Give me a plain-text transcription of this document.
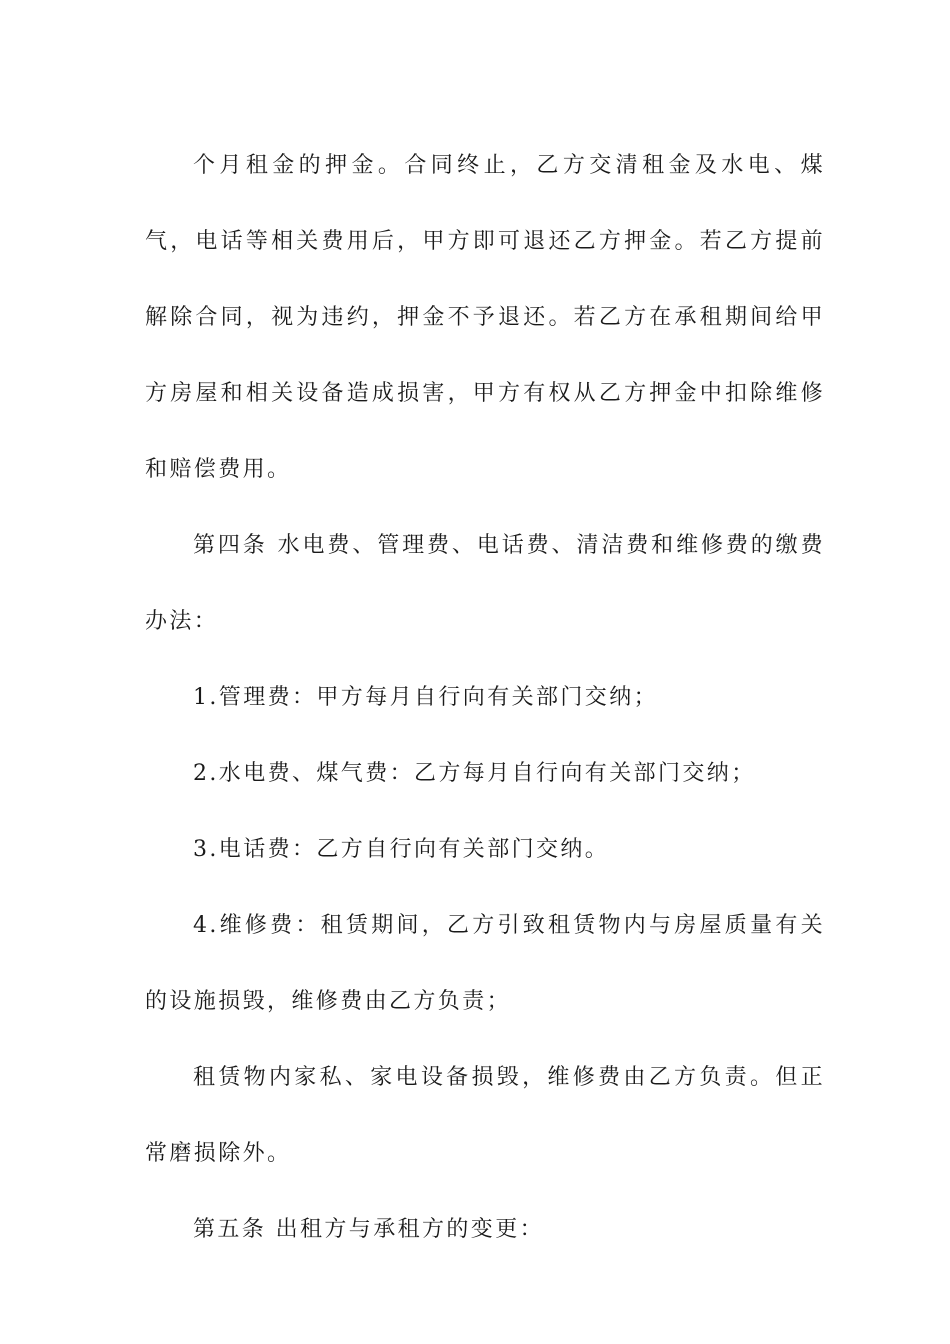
个月租金的押金。合同终止，乙方交清租金及水电、煤气，电话等相关费用后，甲方即可退还乙方押金。若乙方提前解除合同，视为违约，押金不予退还。若乙方在承租期间给甲方房屋和相关设备造成损害，甲方有权从乙方押金中扣除维修和赔偿费用。

第四条 水电费、管理费、电话费、清洁费和维修费的缴费办法：

1.管理费：甲方每月自行向有关部门交纳；

2.水电费、煤气费：乙方每月自行向有关部门交纳；

3.电话费：乙方自行向有关部门交纳。

4.维修费：租赁期间，乙方引致租赁物内与房屋质量有关的设施损毁，维修费由乙方负责；

租赁物内家私、家电设备损毁，维修费由乙方负责。但正常磨损除外。

第五条 出租方与承租方的变更：
